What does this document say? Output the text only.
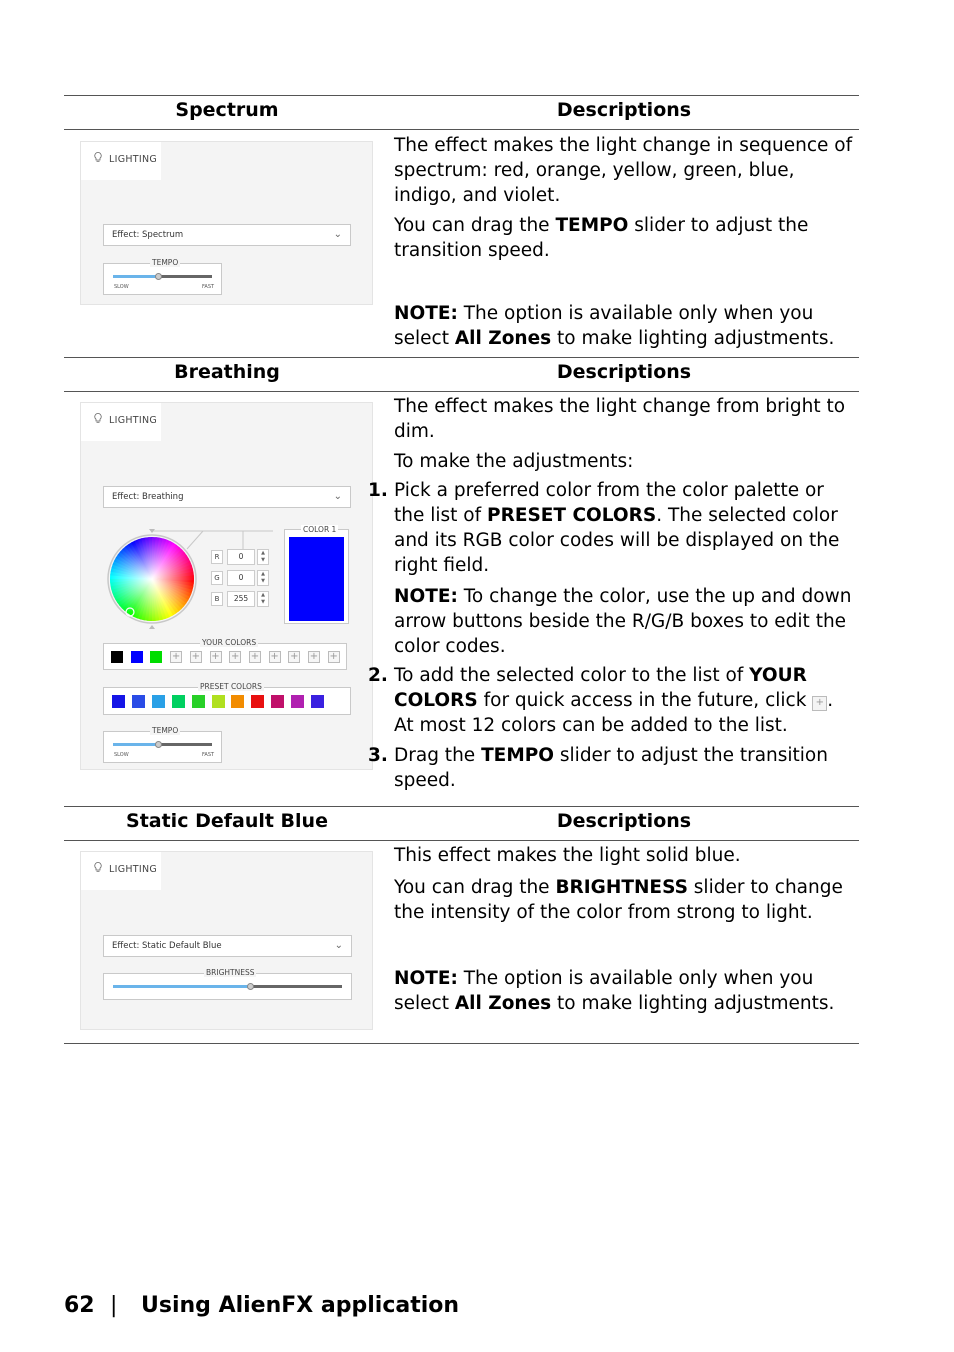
Spectrum	Descriptions
LIGHTING
Effect: Spectrum	⌄
TEMPO
SLOW	FAST

The effect makes the light change in sequence of spectrum: red, orange, yellow, green, blue, indigo, and violet.

You can drag the TEMPO slider to adjust the transition speed.

NOTE: The option is available only when you select All Zones to make lighting adjustments.

Breathing	Descriptions
LIGHTING
Effect: Breathing	⌄
R	0	▲
▼
G	0	▲
▼
B	255	▲
▼
COLOR 1
YOUR COLORS
+ + + + + + + + +
PRESET COLORS
TEMPO
SLOW	FAST

The effect makes the light change from bright to dim.

To make the adjustments:

1. Pick a preferred color from the color palette or the list of PRESET COLORS. The selected color and its RGB color codes will be displayed on the right field.

NOTE: To change the color, use the up and down arrow buttons beside the R/G/B boxes to edit the color codes.

2. To add the selected color to the list of YOUR COLORS for quick access in the future, click + . At most 12 colors can be added to the list.

3. Drag the TEMPO slider to adjust the transition speed.

Static Default Blue	Descriptions
LIGHTING
Effect: Static Default Blue	⌄
BRIGHTNESS

This effect makes the light solid blue.

You can drag the BRIGHTNESS slider to change the intensity of the color from strong to light.

NOTE: The option is available only when you select All Zones to make lighting adjustments.

62 | Using AlienFX application
